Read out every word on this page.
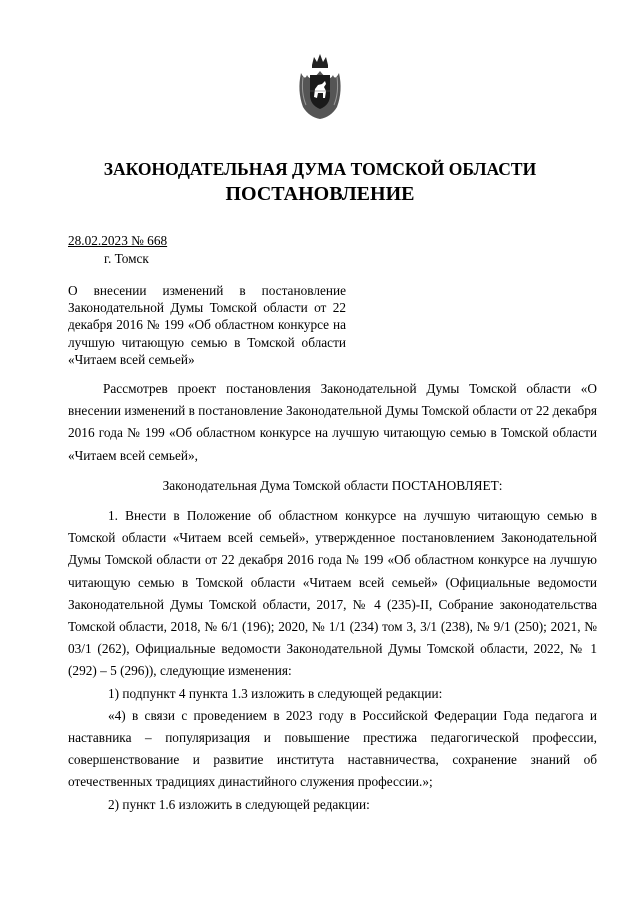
ЗАКОНОДАТЕЛЬНАЯ ДУМА ТОМСКОЙ ОБЛАСТИ
ПОСТАНОВЛЕНИЕ
28.02.2023 № 668
г. Томск
О внесении изменений в постановление Законодательной Думы Томской области от 22 декабря 2016 № 199 «Об областном конкурсе на лучшую читающую семью в Томской области «Читаем всей семьей»

Рассмотрев проект постановления Законодательной Думы Томской области «О внесении изменений в постановление Законодательной Думы Томской области от 22 декабря 2016 года № 199 «Об областном конкурсе на лучшую читающую семью в Томской области «Читаем всей семьей»,

Законодательная Дума Томской области ПОСТАНОВЛЯЕТ:

1. Внести в Положение об областном конкурсе на лучшую читающую семью в Томской области «Читаем всей семьей», утвержденное постановлением Законодательной Думы Томской области от 22 декабря 2016 года № 199 «Об областном конкурсе на лучшую читающую семью в Томской области «Читаем всей семьей» (Официальные ведомости Законодательной Думы Томской области, 2017, № 4 (235)-II, Собрание законодательства Томской области, 2018, № 6/1 (196); 2020, № 1/1 (234) том 3, 3/1 (238), № 9/1 (250); 2021, № 03/1 (262), Официальные ведомости Законодательной Думы Томской области, 2022, № 1 (292) – 5 (296)), следующие изменения:

1) подпункт 4 пункта 1.3 изложить в следующей редакции:

«4) в связи с проведением в 2023 году в Российской Федерации Года педагога и наставника – популяризация и повышение престижа педагогической профессии, совершенствование и развитие института наставничества, сохранение знаний об отечественных традициях династийного служения профессии.»;

2) пункт 1.6 изложить в следующей редакции:
